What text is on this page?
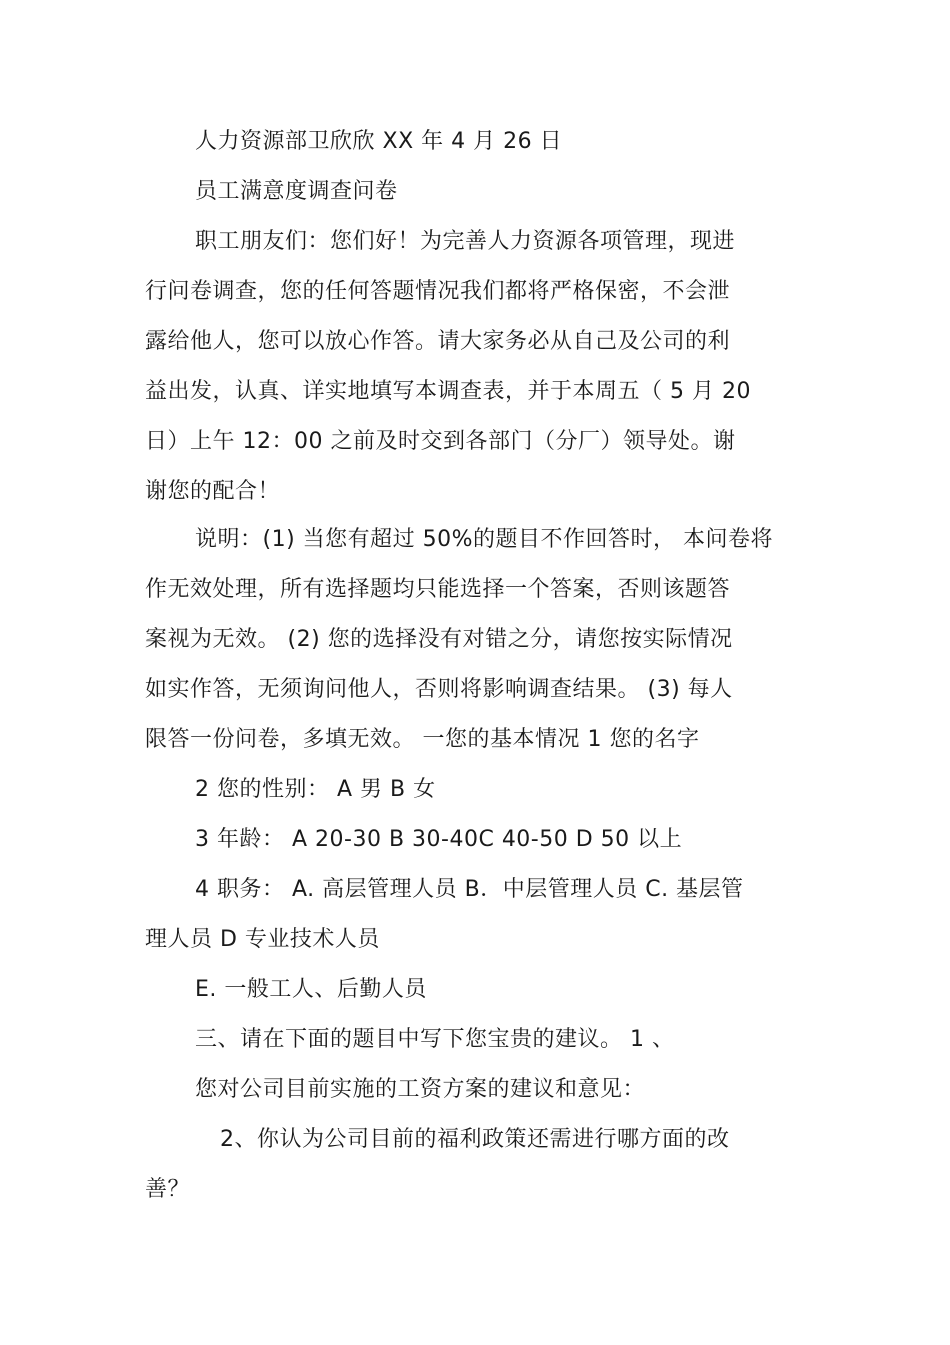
人力资源部卫欣欣 XX 年 4 月 26 日
员工满意度调查问卷
职工朋友们：您们好！为完善人力资源各项管理，现进
行问卷调查，您的任何答题情况我们都将严格保密，不会泄
露给他人，您可以放心作答。请大家务必从自己及公司的利
益出发，认真、详实地填写本调查表，并于本周五（ 5 月 20
日）上午 12：00 之前及时交到各部门（分厂）领导处。谢
谢您的配合！
说明：(1) 当您有超过 50%的题目不作回答时， 本问卷将
作无效处理，所有选择题均只能选择一个答案，否则该题答
案视为无效。 (2) 您的选择没有对错之分，请您按实际情况
如实作答，无须询问他人，否则将影响调查结果。 (3) 每人
限答一份问卷，多填无效。 一您的基本情况 1 您的名字
2 您的性别： A 男 B 女
3 年龄： A 20-30 B 30-40C 40-50 D 50 以上
4 职务： A. 高层管理人员 B．中层管理人员 C. 基层管
理人员 D 专业技术人员
E. 一般工人、后勤人员
三、请在下面的题目中写下您宝贵的建议。 1 、
您对公司目前实施的工资方案的建议和意见：
2、你认为公司目前的福利政策还需进行哪方面的改
善？
